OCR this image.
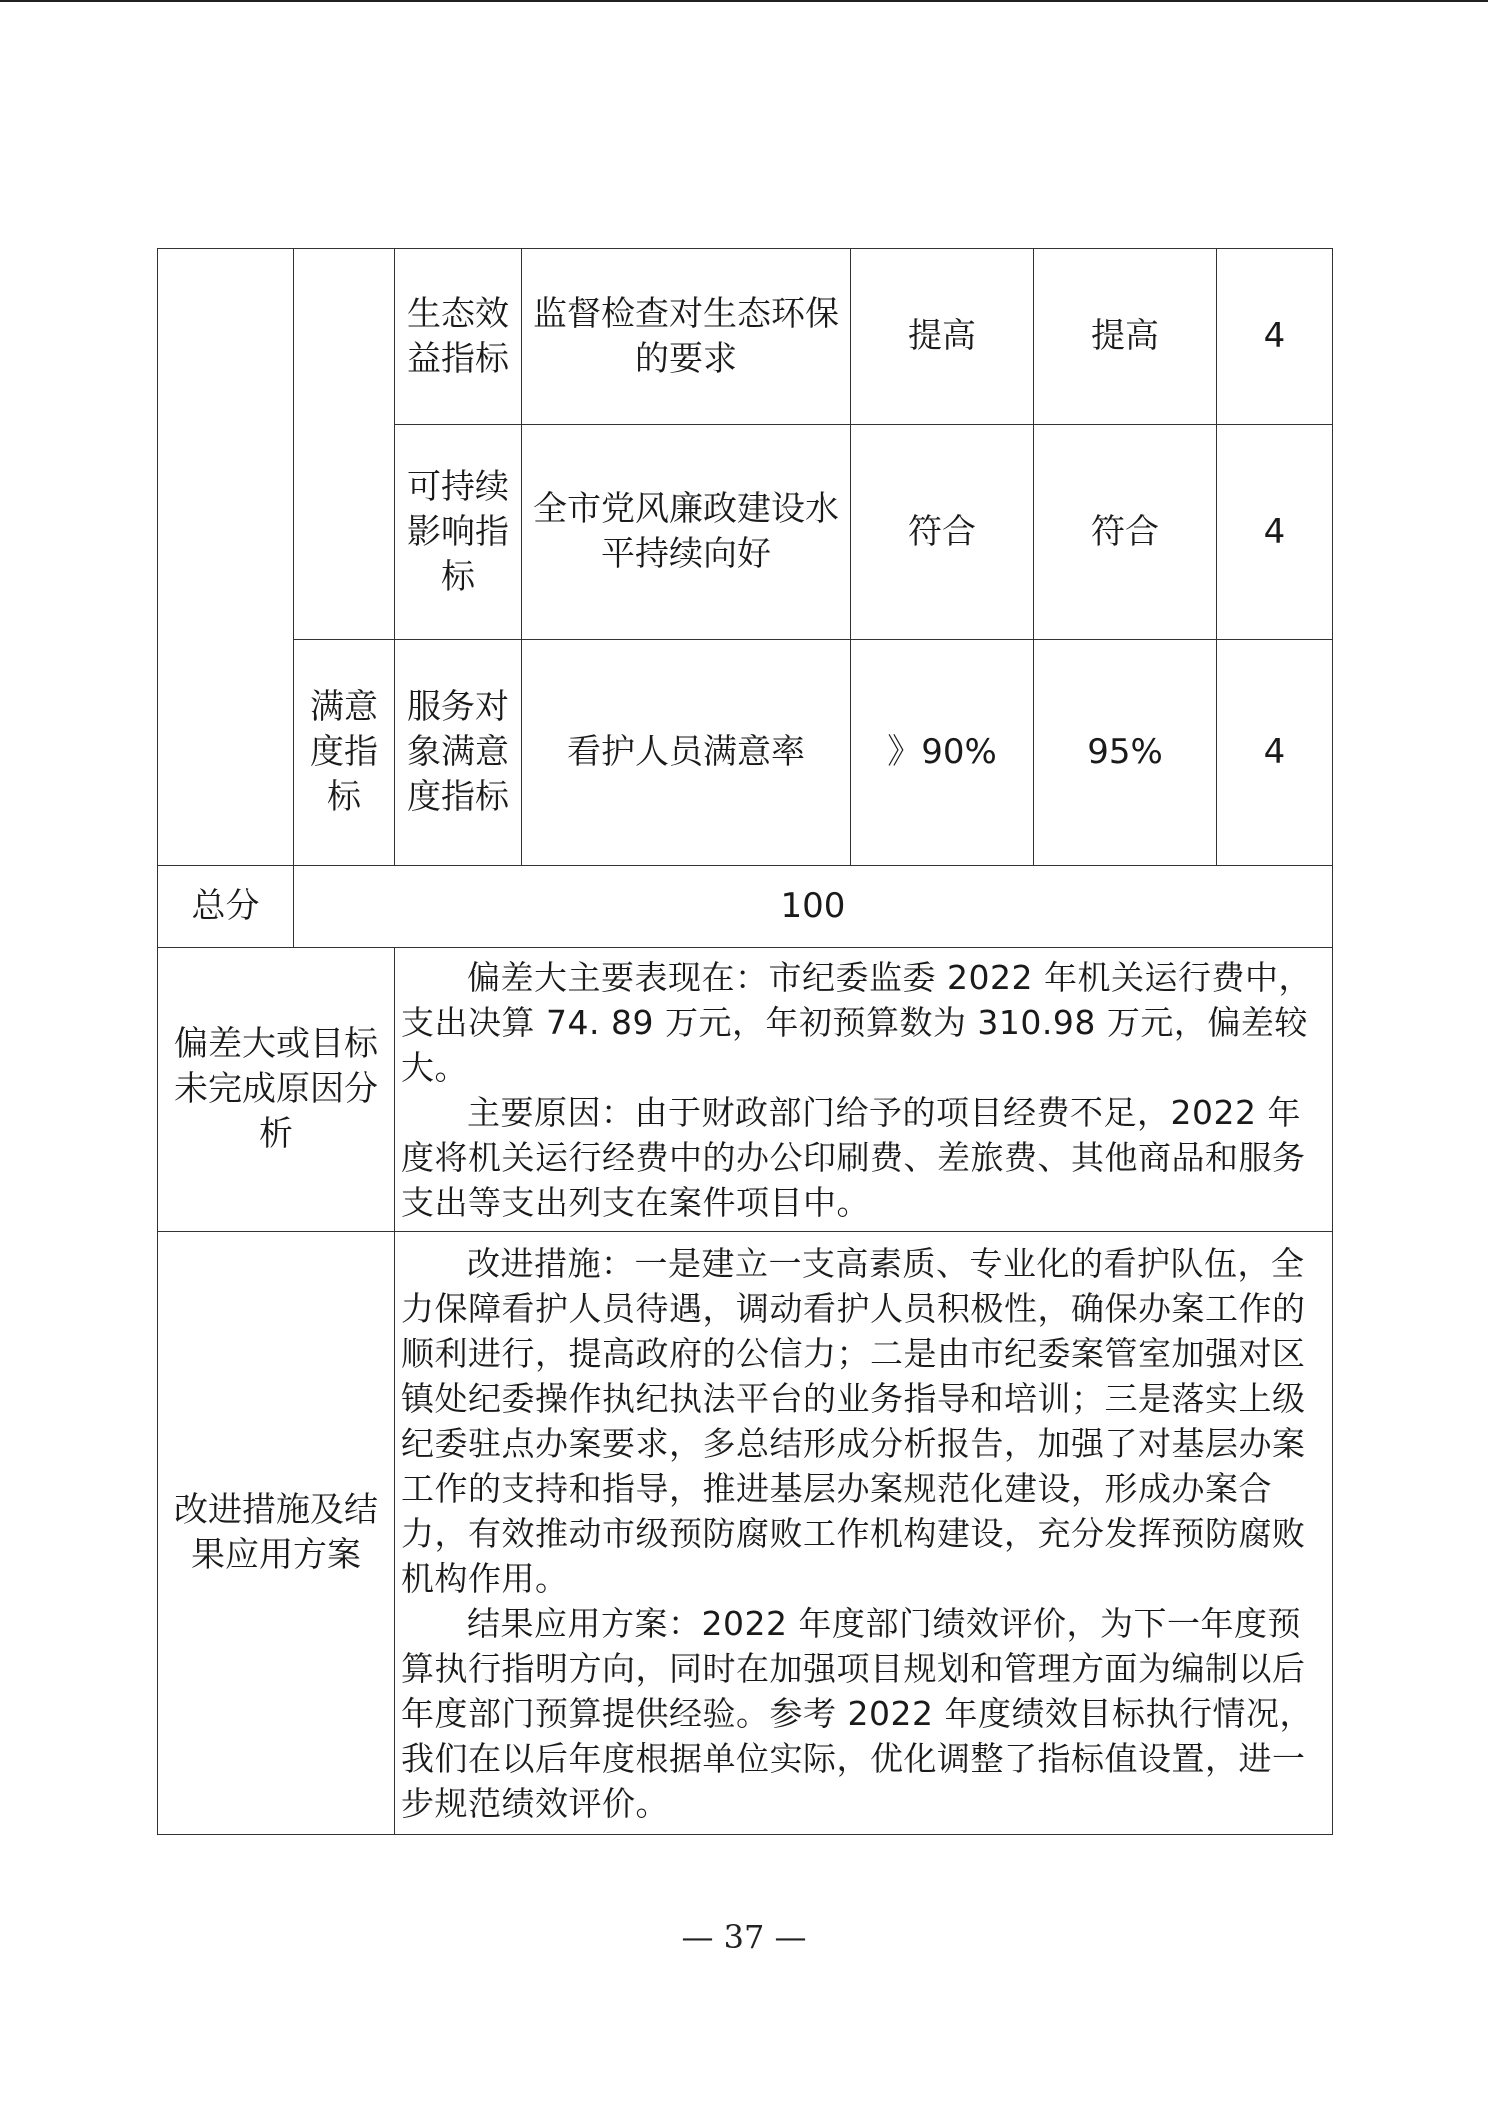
		生态效益指标	监督检查对生态环保的要求	提高	提高	4
		可持续影响指标	全市党风廉政建设水平持续向好	符合	符合	4
	满意度指标	服务对象满意度指标	看护人员满意率	》90%	95%	4
总分	100					
偏差大或目标未完成原因分析		偏差大主要表现在：市纪委监委 2022 年机关运行费中，支出决算 74. 89 万元，年初预算数为 310.98 万元，偏差较大。

主要原因：由于财政部门给予的项目经费不足，2022 年度将机关运行经费中的办公印刷费、差旅费、其他商品和服务支出等支出列支在案件项目中。				

改进措施及结果应用方案		改进措施：一是建立一支高素质、专业化的看护队伍，全力保障看护人员待遇，调动看护人员积极性，确保办案工作的顺利进行，提高政府的公信力；二是由市纪委案管室加强对区镇处纪委操作执纪执法平台的业务指导和培训；三是落实上级纪委驻点办案要求，多总结形成分析报告，加强了对基层办案工作的支持和指导，推进基层办案规范化建设，形成办案合力，有效推动市级预防腐败工作机构建设，充分发挥预防腐败机构作用。

结果应用方案：2022 年度部门绩效评价，为下一年度预算执行指明方向，同时在加强项目规划和管理方面为编制以后年度部门预算提供经验。参考 2022 年度绩效目标执行情况，我们在以后年度根据单位实际，优化调整了指标值设置，进一步规范绩效评价。				

— 37 —
